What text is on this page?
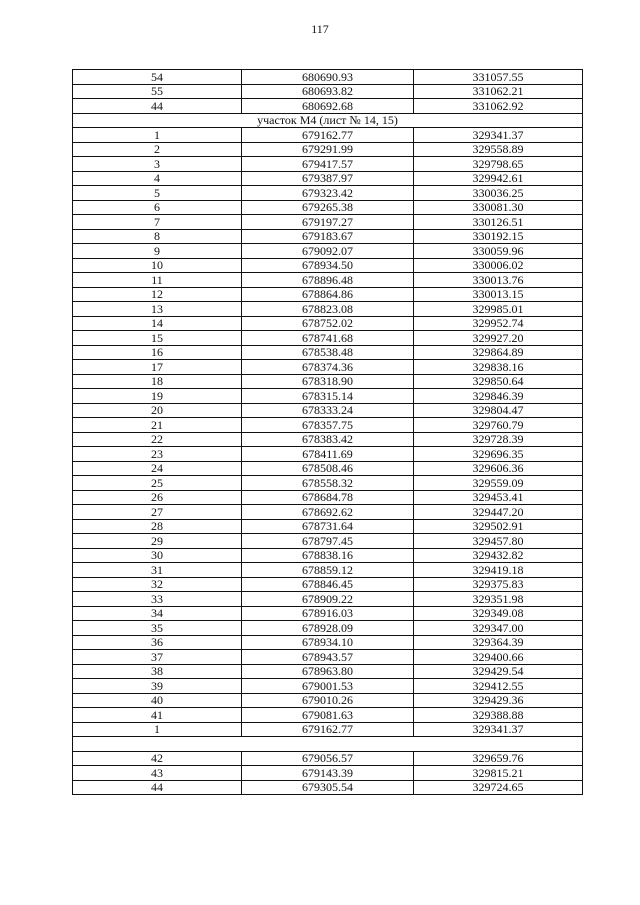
117
54	680690.93	331057.55
55	680693.82	331062.21
44	680692.68	331062.92
участок М4 (лист № 14, 15)		
1	679162.77	329341.37
2	679291.99	329558.89
3	679417.57	329798.65
4	679387.97	329942.61
5	679323.42	330036.25
6	679265.38	330081.30
7	679197.27	330126.51
8	679183.67	330192.15
9	679092.07	330059.96
10	678934.50	330006.02
11	678896.48	330013.76
12	678864.86	330013.15
13	678823.08	329985.01
14	678752.02	329952.74
15	678741.68	329927.20
16	678538.48	329864.89
17	678374.36	329838.16
18	678318.90	329850.64
19	678315.14	329846.39
20	678333.24	329804.47
21	678357.75	329760.79
22	678383.42	329728.39
23	678411.69	329696.35
24	678508.46	329606.36
25	678558.32	329559.09
26	678684.78	329453.41
27	678692.62	329447.20
28	678731.64	329502.91
29	678797.45	329457.80
30	678838.16	329432.82
31	678859.12	329419.18
32	678846.45	329375.83
33	678909.22	329351.98
34	678916.03	329349.08
35	678928.09	329347.00
36	678934.10	329364.39
37	678943.57	329400.66
38	678963.80	329429.54
39	679001.53	329412.55
40	679010.26	329429.36
41	679081.63	329388.88
1	679162.77	329341.37

42	679056.57	329659.76
43	679143.39	329815.21
44	679305.54	329724.65
